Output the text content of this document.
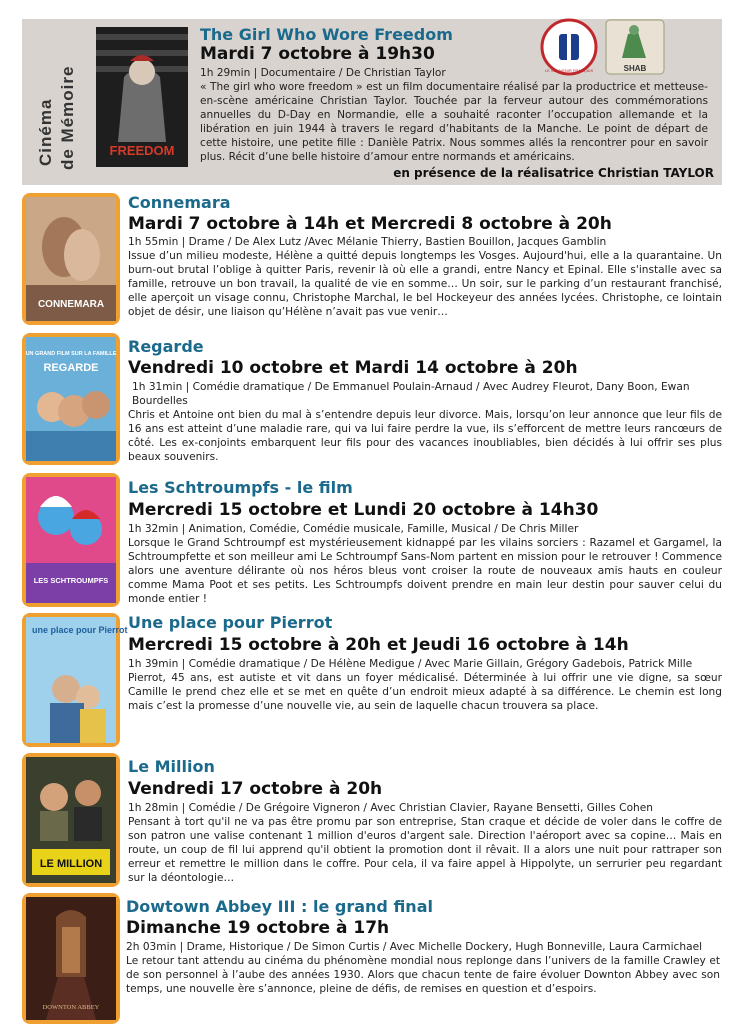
Cinéma de Mémoire	FREEDOM
The Girl Who Wore Freedom
Mardi 7 octobre à 19h30
1h 29min | Documentaire / De Christian Taylor
« The girl who wore freedom » est un film documentaire réalisé par la productrice et metteuse-en-scène américaine Christian Taylor. Touchée par la ferveur autour des commémorations annuelles du D-Day en Normandie, elle a souhaité raconter l’occupation allemande et la libération en juin 1944 à travers le regard d’habitants de la Manche. Le point de départ de cette histoire, une petite fille : Danièle Patrix. Nous sommes allés la rencontrer pour en savoir plus. Récit d’une belle histoire d’amour entre normands et américains.
en présence de la réalisatrice Christian TAYLOR
LE SOUVENIR FRANÇAIS	SHAB
CONNEMARA
Connemara
Mardi 7 octobre à 14h et Mercredi 8 octobre à 20h
1h 55min | Drame / De Alex Lutz /Avec Mélanie Thierry, Bastien Bouillon, Jacques Gamblin
Issue d’un milieu modeste, Hélène a quitté depuis longtemps les Vosges. Aujourd'hui, elle a la quarantaine. Un burn-out brutal l’oblige à quitter Paris, revenir là où elle a grandi, entre Nancy et Epinal. Elle s'installe avec sa famille, retrouve un bon travail, la qualité de vie en somme… Un soir, sur le parking d’un restaurant franchisé, elle aperçoit un visage connu, Christophe Marchal, le bel Hockeyeur des années lycées. Christophe, ce lointain objet de désir, une liaison qu’Hélène n’avait pas vue venir…
UN GRAND FILM SUR LA FAMILLE
REGARDE
Regarde
Vendredi 10 octobre et Mardi 14 octobre à 20h
1h 31min | Comédie dramatique / De Emmanuel Poulain-Arnaud / Avec Audrey Fleurot, Dany Boon, Ewan Bourdelles
Chris et Antoine ont bien du mal à s’entendre depuis leur divorce. Mais, lorsqu’on leur annonce que leur fils de 16 ans est atteint d’une maladie rare, qui va lui faire perdre la vue, ils s’efforcent de mettre leurs rancœurs de côté. Les ex-conjoints embarquent leur fils pour des vacances inoubliables, bien décidés à lui offrir ses plus beaux souvenirs.
LES SCHTROUMPFS
Les Schtroumpfs - le film
Mercredi 15 octobre et Lundi 20 octobre à 14h30
1h 32min | Animation, Comédie, Comédie musicale, Famille, Musical / De Chris Miller
Lorsque le Grand Schtroumpf est mystérieusement kidnappé par les vilains sorciers : Razamel et Gargamel, la Schtroumpfette et son meilleur ami Le Schtroumpf Sans-Nom partent en mission pour le retrouver ! Commence alors une aventure délirante où nos héros bleus vont croiser la route de nouveaux amis hauts en couleur comme Mama Poot et ses petits. Les Schtroumpfs doivent prendre en main leur destin pour sauver celui du monde entier !
une place pour Pierrot Une place pour Pierrot
Mercredi 15 octobre à 20h et Jeudi 16 octobre à 14h
1h 39min | Comédie dramatique / De Hélène Medigue / Avec Marie Gillain, Grégory Gadebois, Patrick Mille
Pierrot, 45 ans, est autiste et vit dans un foyer médicalisé. Déterminée à lui offrir une vie digne, sa sœur Camille le prend chez elle et se met en quête d’un endroit mieux adapté à sa différence. Le chemin est long mais c’est la promesse d’une nouvelle vie, au sein de laquelle chacun trouvera sa place.
LE MILLION
Le Million
Vendredi 17 octobre à 20h
1h 28min | Comédie / De Grégoire Vigneron / Avec Christian Clavier, Rayane Bensetti, Gilles Cohen
Pensant à tort qu'il ne va pas être promu par son entreprise, Stan craque et décide de voler dans le coffre de son patron une valise contenant 1 million d'euros d'argent sale. Direction l'aéroport avec sa copine… Mais en route, un coup de fil lui apprend qu'il obtient la promotion dont il rêvait. Il a alors une nuit pour rattraper son erreur et remettre le million dans le coffre. Pour cela, il va faire appel à Hippolyte, un serrurier peu regardant sur la déontologie…
DOWNTON ABBEY
Dowtown Abbey III : le grand final
Dimanche 19 octobre à 17h
2h 03min | Drame, Historique / De Simon Curtis / Avec Michelle Dockery, Hugh Bonneville, Laura Carmichael
Le retour tant attendu au cinéma du phénomène mondial nous replonge dans l’univers de la famille Crawley et de son personnel à l’aube des années 1930. Alors que chacun tente de faire évoluer Downton Abbey avec son temps, une nouvelle ère s’annonce, pleine de défis, de remises en question et d’espoirs.
